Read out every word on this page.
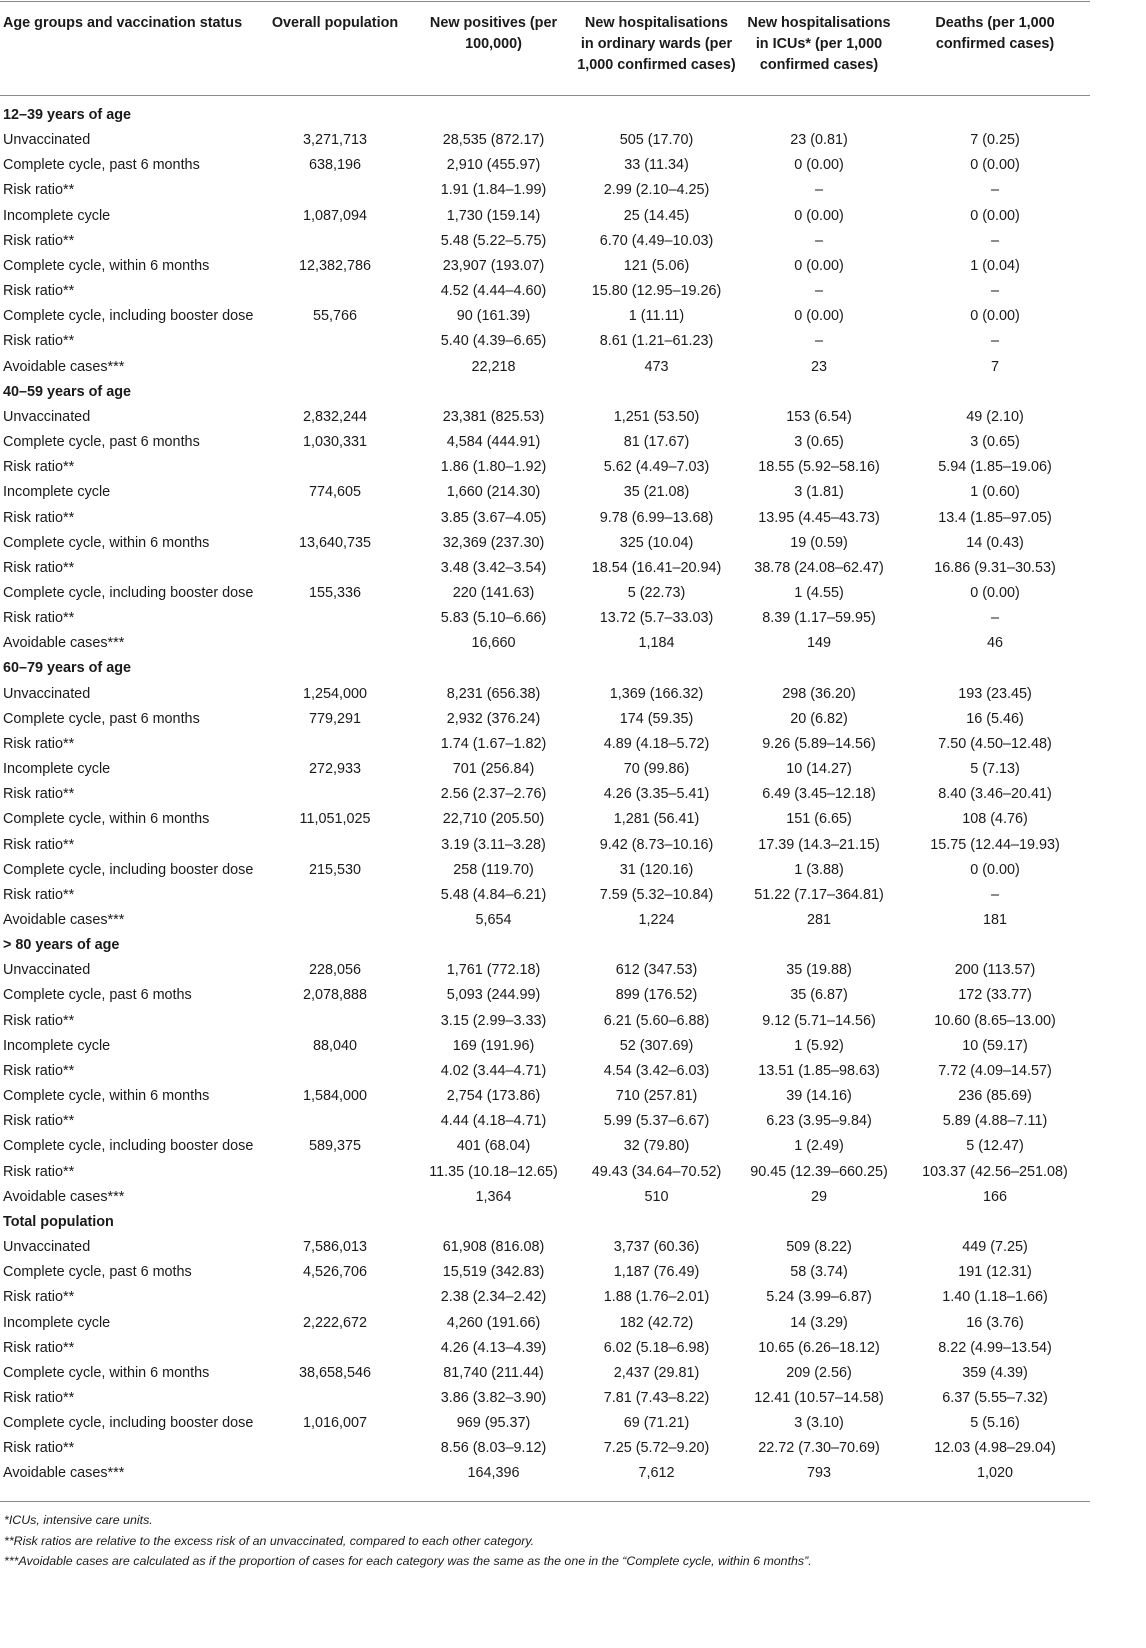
Age groups and vaccination status	Overall population	New positives (per 100,000)	New hospitalisations in ordinary wards (per 1,000 confirmed cases)	New hospitalisations in ICUs* (per 1,000 confirmed cases)	Deaths (per 1,000 confirmed cases)

12–39 years of age					
Unvaccinated	3,271,713	28,535 (872.17)	505 (17.70)	23 (0.81)	7 (0.25)
Complete cycle, past 6 months	638,196	2,910 (455.97)	33 (11.34)	0 (0.00)	0 (0.00)
Risk ratio**		1.91 (1.84–1.99)	2.99 (2.10–4.25)	–	–
Incomplete cycle	1,087,094	1,730 (159.14)	25 (14.45)	0 (0.00)	0 (0.00)
Risk ratio**		5.48 (5.22–5.75)	6.70 (4.49–10.03)	–	–
Complete cycle, within 6 months	12,382,786	23,907 (193.07)	121 (5.06)	0 (0.00)	1 (0.04)
Risk ratio**		4.52 (4.44–4.60)	15.80 (12.95–19.26)	–	–
Complete cycle, including booster dose	55,766	90 (161.39)	1 (11.11)	0 (0.00)	0 (0.00)
Risk ratio**		5.40 (4.39–6.65)	8.61 (1.21–61.23)	–	–
Avoidable cases***		22,218	473	23	7
40–59 years of age					
Unvaccinated	2,832,244	23,381 (825.53)	1,251 (53.50)	153 (6.54)	49 (2.10)
Complete cycle, past 6 months	1,030,331	4,584 (444.91)	81 (17.67)	3 (0.65)	3 (0.65)
Risk ratio**		1.86 (1.80–1.92)	5.62 (4.49–7.03)	18.55 (5.92–58.16)	5.94 (1.85–19.06)
Incomplete cycle	774,605	1,660 (214.30)	35 (21.08)	3 (1.81)	1 (0.60)
Risk ratio**		3.85 (3.67–4.05)	9.78 (6.99–13.68)	13.95 (4.45–43.73)	13.4 (1.85–97.05)
Complete cycle, within 6 months	13,640,735	32,369 (237.30)	325 (10.04)	19 (0.59)	14 (0.43)
Risk ratio**		3.48 (3.42–3.54)	18.54 (16.41–20.94)	38.78 (24.08–62.47)	16.86 (9.31–30.53)
Complete cycle, including booster dose	155,336	220 (141.63)	5 (22.73)	1 (4.55)	0 (0.00)
Risk ratio**		5.83 (5.10–6.66)	13.72 (5.7–33.03)	8.39 (1.17–59.95)	–
Avoidable cases***		16,660	1,184	149	46
60–79 years of age					
Unvaccinated	1,254,000	8,231 (656.38)	1,369 (166.32)	298 (36.20)	193 (23.45)
Complete cycle, past 6 months	779,291	2,932 (376.24)	174 (59.35)	20 (6.82)	16 (5.46)
Risk ratio**		1.74 (1.67–1.82)	4.89 (4.18–5.72)	9.26 (5.89–14.56)	7.50 (4.50–12.48)
Incomplete cycle	272,933	701 (256.84)	70 (99.86)	10 (14.27)	5 (7.13)
Risk ratio**		2.56 (2.37–2.76)	4.26 (3.35–5.41)	6.49 (3.45–12.18)	8.40 (3.46–20.41)
Complete cycle, within 6 months	11,051,025	22,710 (205.50)	1,281 (56.41)	151 (6.65)	108 (4.76)
Risk ratio**		3.19 (3.11–3.28)	9.42 (8.73–10.16)	17.39 (14.3–21.15)	15.75 (12.44–19.93)
Complete cycle, including booster dose	215,530	258 (119.70)	31 (120.16)	1 (3.88)	0 (0.00)
Risk ratio**		5.48 (4.84–6.21)	7.59 (5.32–10.84)	51.22 (7.17–364.81)	–
Avoidable cases***		5,654	1,224	281	181
> 80 years of age					
Unvaccinated	228,056	1,761 (772.18)	612 (347.53)	35 (19.88)	200 (113.57)
Complete cycle, past 6 moths	2,078,888	5,093 (244.99)	899 (176.52)	35 (6.87)	172 (33.77)
Risk ratio**		3.15 (2.99–3.33)	6.21 (5.60–6.88)	9.12 (5.71–14.56)	10.60 (8.65–13.00)
Incomplete cycle	88,040	169 (191.96)	52 (307.69)	1 (5.92)	10 (59.17)
Risk ratio**		4.02 (3.44–4.71)	4.54 (3.42–6.03)	13.51 (1.85–98.63)	7.72 (4.09–14.57)
Complete cycle, within 6 months	1,584,000	2,754 (173.86)	710 (257.81)	39 (14.16)	236 (85.69)
Risk ratio**		4.44 (4.18–4.71)	5.99 (5.37–6.67)	6.23 (3.95–9.84)	5.89 (4.88–7.11)
Complete cycle, including booster dose	589,375	401 (68.04)	32 (79.80)	1 (2.49)	5 (12.47)
Risk ratio**		11.35 (10.18–12.65)	49.43 (34.64–70.52)	90.45 (12.39–660.25)	103.37 (42.56–251.08)
Avoidable cases***		1,364	510	29	166
Total population					
Unvaccinated	7,586,013	61,908 (816.08)	3,737 (60.36)	509 (8.22)	449 (7.25)
Complete cycle, past 6 moths	4,526,706	15,519 (342.83)	1,187 (76.49)	58 (3.74)	191 (12.31)
Risk ratio**		2.38 (2.34–2.42)	1.88 (1.76–2.01)	5.24 (3.99–6.87)	1.40 (1.18–1.66)
Incomplete cycle	2,222,672	4,260 (191.66)	182 (42.72)	14 (3.29)	16 (3.76)
Risk ratio**		4.26 (4.13–4.39)	6.02 (5.18–6.98)	10.65 (6.26–18.12)	8.22 (4.99–13.54)
Complete cycle, within 6 months	38,658,546	81,740 (211.44)	2,437 (29.81)	209 (2.56)	359 (4.39)
Risk ratio**		3.86 (3.82–3.90)	7.81 (7.43–8.22)	12.41 (10.57–14.58)	6.37 (5.55–7.32)
Complete cycle, including booster dose	1,016,007	969 (95.37)	69 (71.21)	3 (3.10)	5 (5.16)
Risk ratio**		8.56 (8.03–9.12)	7.25 (5.72–9.20)	22.72 (7.30–70.69)	12.03 (4.98–29.04)
Avoidable cases***		164,396	7,612	793	1,020
*ICUs, intensive care units.
**Risk ratios are relative to the excess risk of an unvaccinated, compared to each other category.
***Avoidable cases are calculated as if the proportion of cases for each category was the same as the one in the “Complete cycle, within 6 months”.
